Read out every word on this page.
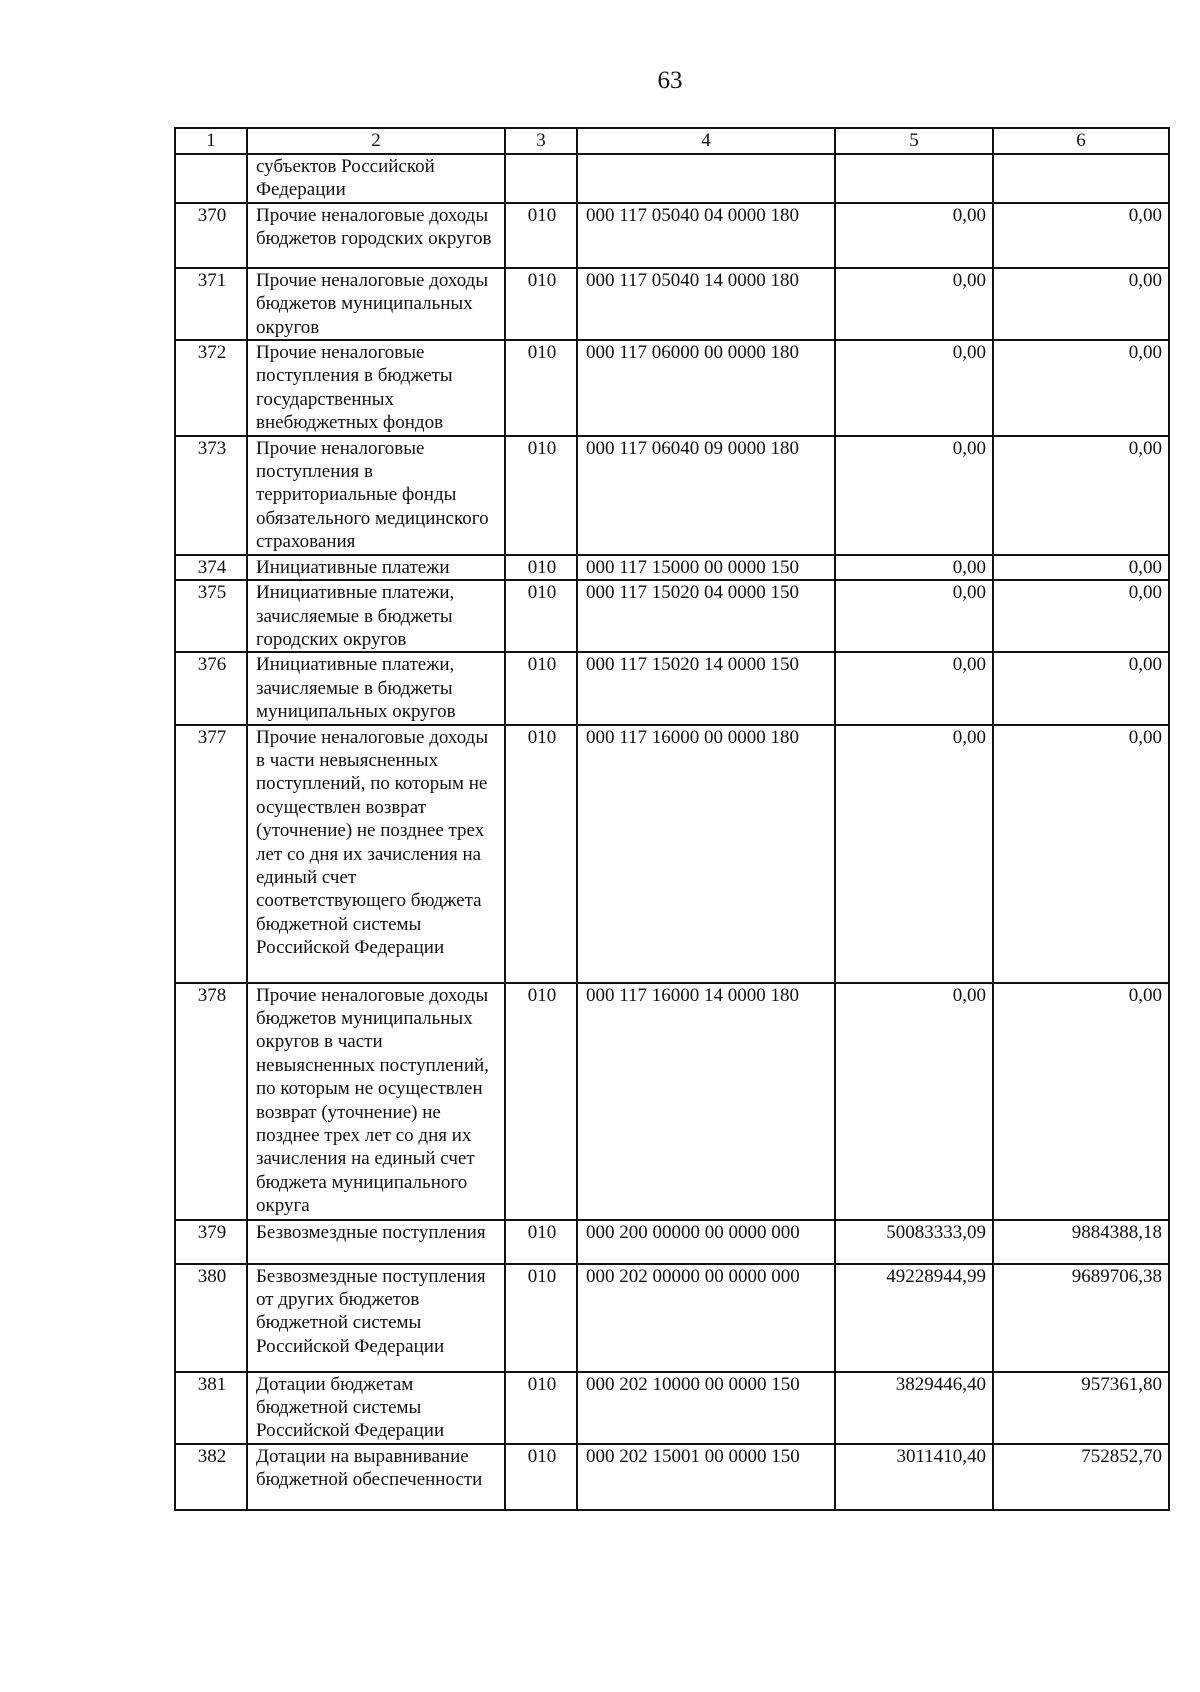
63
1	2	3	4	5	6
	субъектов Российской Федерации				
370	Прочие неналоговые доходы бюджетов городских округов	010	000 117 05040 04 0000 180	0,00	0,00
371	Прочие неналоговые доходы бюджетов муниципальных округов	010	000 117 05040 14 0000 180	0,00	0,00
372	Прочие неналоговые поступления в бюджеты государственных внебюджетных фондов	010	000 117 06000 00 0000 180	0,00	0,00
373	Прочие неналоговые поступления в территориальные фонды обязательного медицинского страхования	010	000 117 06040 09 0000 180	0,00	0,00
374	Инициативные платежи	010	000 117 15000 00 0000 150	0,00	0,00
375	Инициативные платежи, зачисляемые в бюджеты городских округов	010	000 117 15020 04 0000 150	0,00	0,00
376	Инициативные платежи, зачисляемые в бюджеты муниципальных округов	010	000 117 15020 14 0000 150	0,00	0,00
377	Прочие неналоговые доходы в части невыясненных поступлений, по которым не осуществлен возврат (уточнение) не позднее трех лет со дня их зачисления на единый счет соответствующего бюджета бюджетной системы Российской Федерации	010	000 117 16000 00 0000 180	0,00	0,00
378	Прочие неналоговые доходы бюджетов муниципальных округов в части невыясненных поступлений, по которым не осуществлен возврат (уточнение) не позднее трех лет со дня их зачисления на единый счет бюджета муниципального округа	010	000 117 16000 14 0000 180	0,00	0,00
379	Безвозмездные поступления	010	000 200 00000 00 0000 000	50083333,09	9884388,18
380	Безвозмездные поступления от других бюджетов бюджетной системы Российской Федерации	010	000 202 00000 00 0000 000	49228944,99	9689706,38
381	Дотации бюджетам бюджетной системы Российской Федерации	010	000 202 10000 00 0000 150	3829446,40	957361,80
382	Дотации на выравнивание бюджетной обеспеченности	010	000 202 15001 00 0000 150	3011410,40	752852,70
